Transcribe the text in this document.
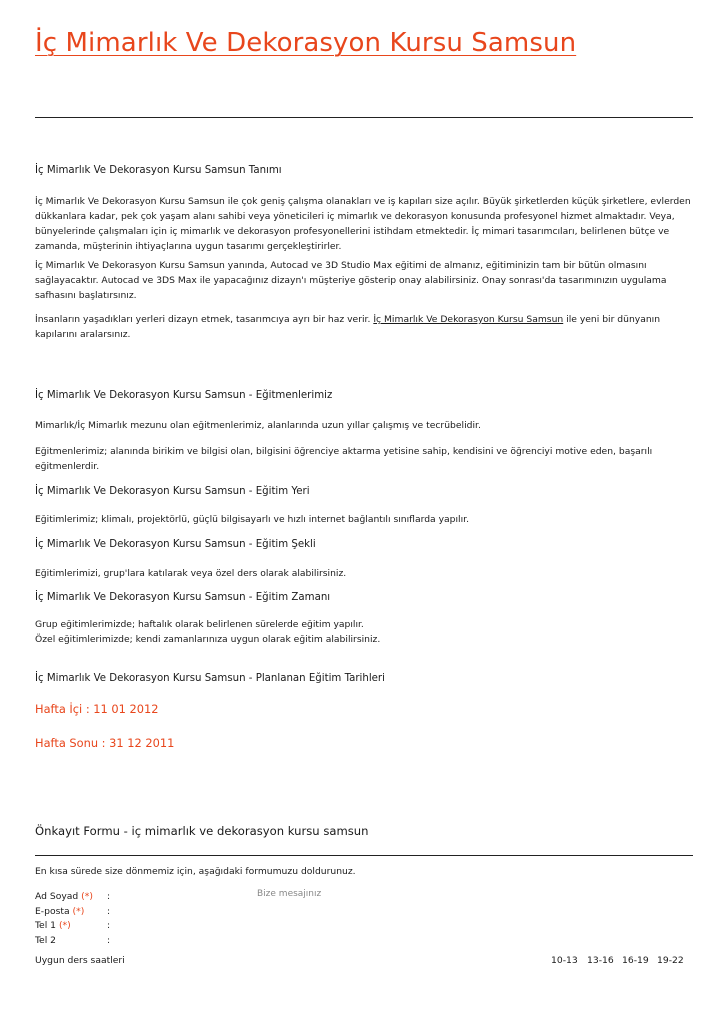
İç Mimarlık Ve Dekorasyon Kursu Samsun
İç Mimarlık Ve Dekorasyon Kursu Samsun Tanımı
İç Mimarlık Ve Dekorasyon Kursu Samsun ile çok geniş çalışma olanakları ve iş kapıları size açılır. Büyük şirketlerden küçük şirketlere, evlerden dükkanlara kadar, pek çok yaşam alanı sahibi veya yöneticileri iç mimarlık ve dekorasyon konusunda profesyonel hizmet almaktadır. Veya, bünyelerinde çalışmaları için iç mimarlık ve dekorasyon profesyonellerini istihdam etmektedir. İç mimari tasarımcıları, belirlenen bütçe ve zamanda, müşterinin ihtiyaçlarına uygun tasarımı gerçekleştirirler.
İç Mimarlık Ve Dekorasyon Kursu Samsun yanında, Autocad ve 3D Studio Max eğitimi de almanız, eğitiminizin tam bir bütün olmasını sağlayacaktır. Autocad ve 3DS Max ile yapacağınız dizayn'ı müşteriye gösterip onay alabilirsiniz. Onay sonrası'da tasarımınızın uygulama safhasını başlatırsınız.
İnsanların yaşadıkları yerleri dizayn etmek, tasarımcıya ayrı bir haz verir. İç Mimarlık Ve Dekorasyon Kursu Samsun ile yeni bir dünyanın kapılarını aralarsınız.
İç Mimarlık Ve Dekorasyon Kursu Samsun - Eğitmenlerimiz
Mimarlık/İç Mimarlık mezunu olan eğitmenlerimiz, alanlarında uzun yıllar çalışmış ve tecrübelidir.
Eğitmenlerimiz; alanında birikim ve bilgisi olan, bilgisini öğrenciye aktarma yetisine sahip, kendisini ve öğrenciyi motive eden, başarılı eğitmenlerdir.
İç Mimarlık Ve Dekorasyon Kursu Samsun - Eğitim Yeri
Eğitimlerimiz; klimalı, projektörlü, güçlü bilgisayarlı ve hızlı internet bağlantılı sınıflarda yapılır.
İç Mimarlık Ve Dekorasyon Kursu Samsun - Eğitim Şekli
Eğitimlerimizi, grup'lara katılarak veya özel ders olarak alabilirsiniz.
İç Mimarlık Ve Dekorasyon Kursu Samsun - Eğitim Zamanı
Grup eğitimlerimizde; haftalık olarak belirlenen sürelerde eğitim yapılır.
Özel eğitimlerimizde; kendi zamanlarınıza uygun olarak eğitim alabilirsiniz.
İç Mimarlık Ve Dekorasyon Kursu Samsun - Planlanan Eğitim Tarihleri
Hafta İçi : 11 01 2012
Hafta Sonu : 31 12 2011
Önkayıt Formu - iç mimarlık ve dekorasyon kursu samsun
En kısa sürede size dönmemiz için, aşağıdaki formumuzu doldurunuz.
Ad Soyad (*) :
E-posta (*) :
Tel 1 (*)	:
Tel 2	:
Bize mesajınız
Uygun ders saatleri	10-13 13-16 16-19 19-22
